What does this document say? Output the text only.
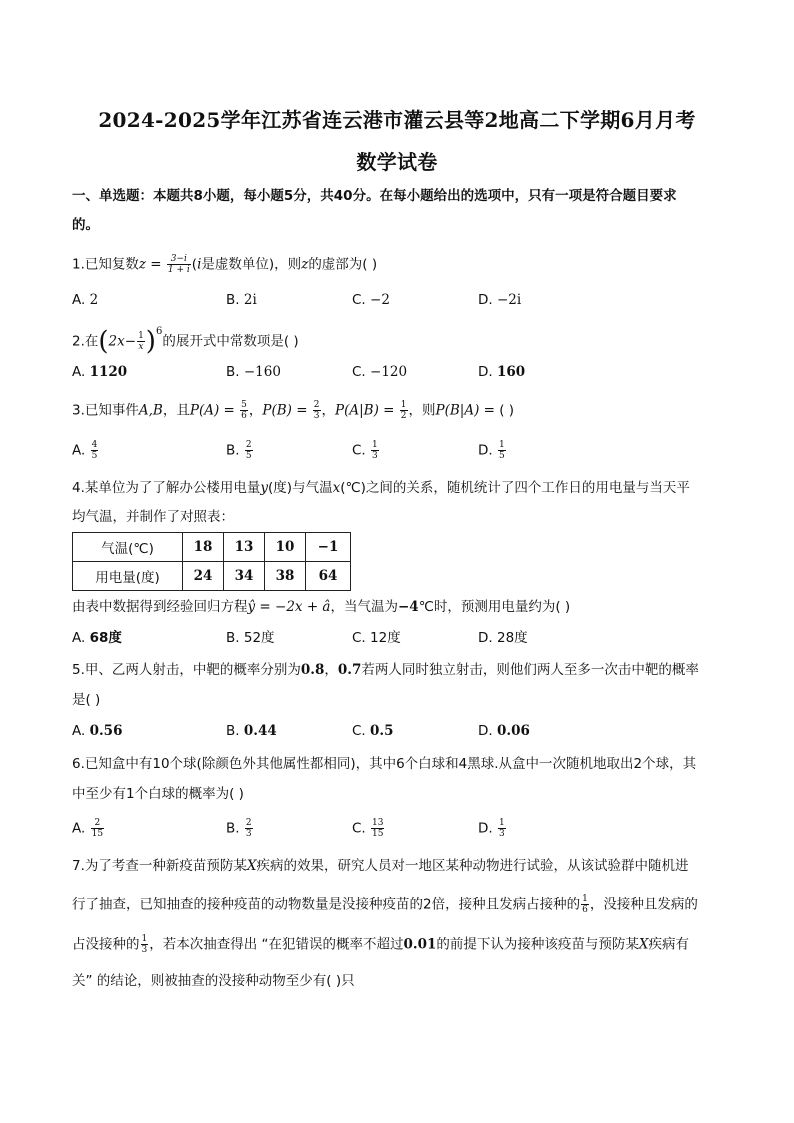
2024-2025学年江苏省连云港市灌云县等2地高二下学期6月月考
数学试卷
一、单选题：本题共8小题，每小题5分，共40分。在每小题给出的选项中，只有一项是符合题目要求
的。
1.已知复数$z = \frac{3-i}{1 + i} (i$是虚数单位)，则z的虚部为( )
A. 2	B. 2i	C. −2	D. −2i
2.在$(2x- \frac{1}{x} )^6$的展开式中常数项是( )
A. 1120	B. −160	C. −120	D. 160
3.已知事件A,B，且$P(A) = \frac{5}{6}$ ，$P(B) = \frac{2}{3}$ ，$P(A|B) = \frac{1}{2}$ ，则P(B|A) = ( )
A. $\frac{4}{5}$	B. $\frac{2}{5}$	C. $\frac{1}{3}$	D. $\frac{1}{5}$
4.某单位为了了解办公楼用电量y(度)与气温x(℃)之间的关系，随机统计了四个工作日的用电量与当天平
均气温，并制作了对照表：
气温(℃)	18	13	10	−1
用电量(度)	24	34	38	64
由表中数据得到经验回归方程ŷ = −2x + â，当气温为−4℃时，预测用电量约为( )
A. 68度	B. 52度	C. 12度	D. 28度
5.甲、乙两人射击，中靶的概率分别为0.8，0.7若两人同时独立射击，则他们两人至多一次击中靶的概率
是( )
A. 0.56	B. 0.44	C. 0.5	D. 0.06
6.已知盒中有10个球(除颜色外其他属性都相同)，其中6个白球和4黑球.从盒中一次随机地取出2个球，其
中至少有1个白球的概率为( )
A. $\frac{2}{15}$	B. $\frac{2}{3}$	C. $\frac{13}{15}$	D. $\frac{1}{3}$
7.为了考查一种新疫苗预防某X疾病的效果，研究人员对一地区某种动物进行试验，从该试验群中随机进
行了抽查，已知抽查的接种疫苗的动物数量是没接种疫苗的2倍，接种且发病占接种的 $\frac{1}{6}$ ，没接种且发病的
占没接种的 $\frac{1}{3}$ ，若本次抽查得出 “在犯错误的概率不超过0.01的前提下认为接种该疫苗与预防某X疾病有
关” 的结论，则被抽查的没接种动物至少有( )只
